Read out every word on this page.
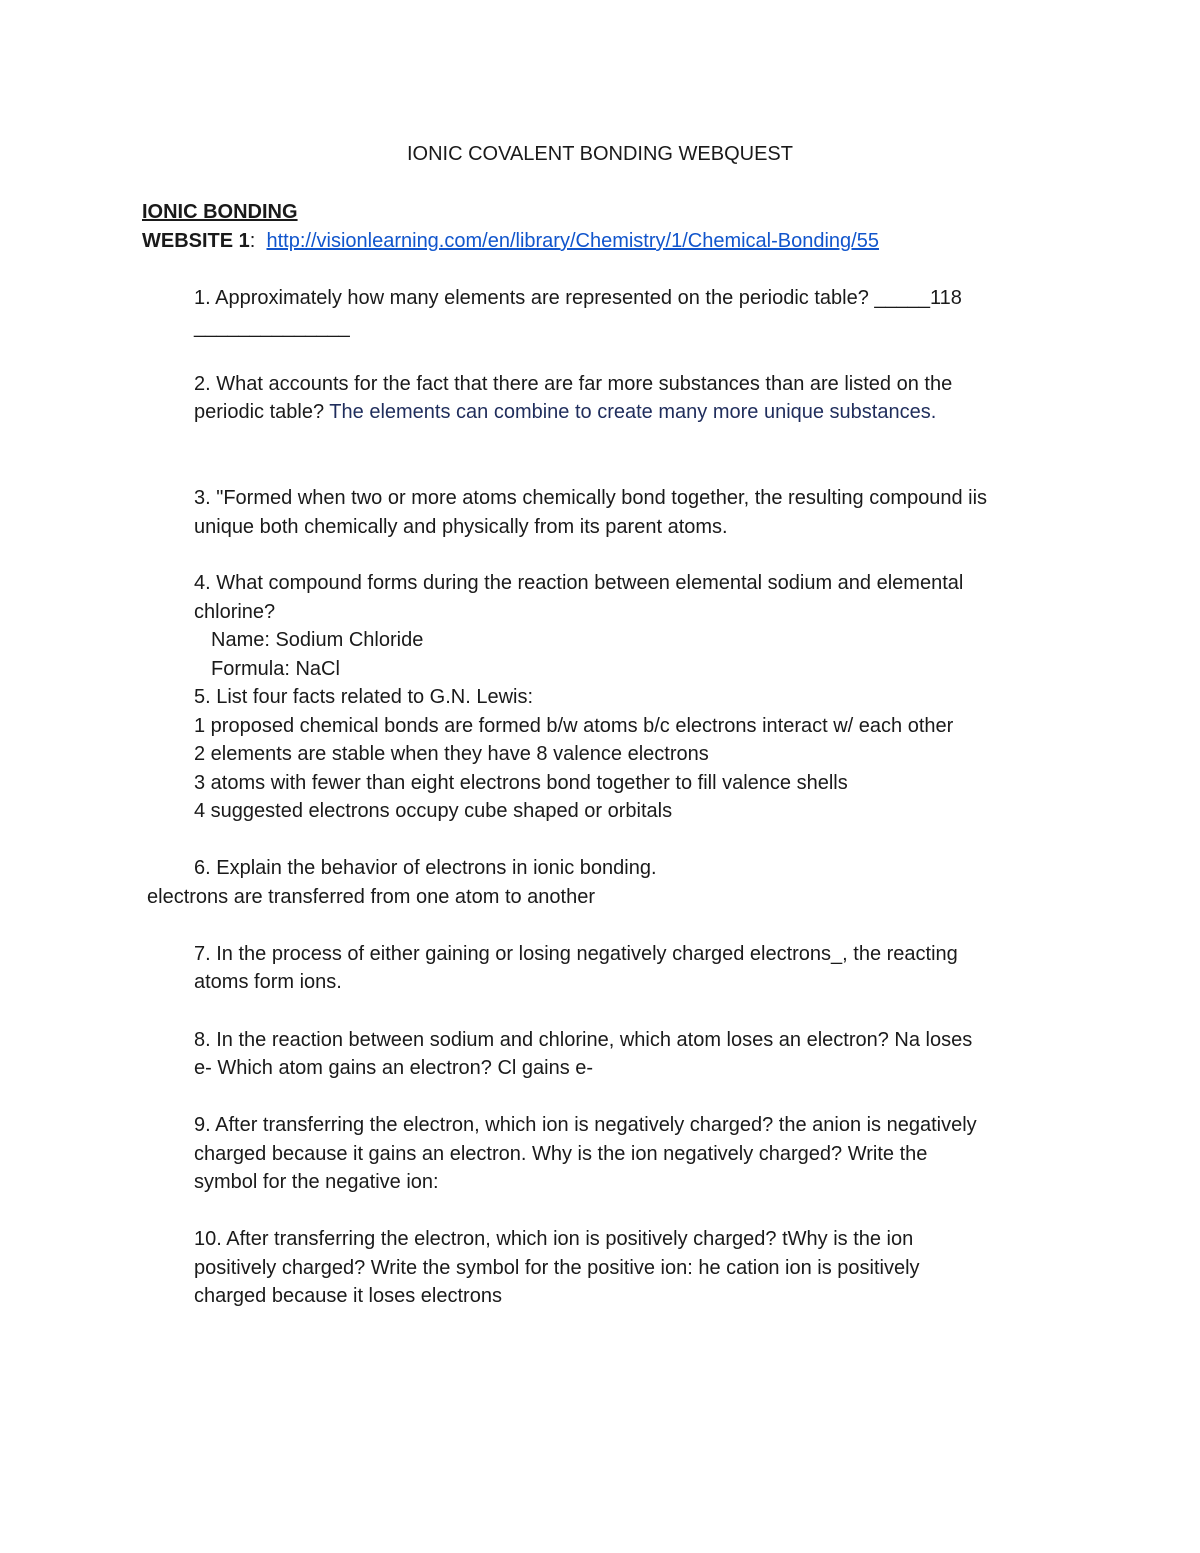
IONIC COVALENT BONDING WEBQUEST
IONIC BONDING
WEBSITE 1: http://visionlearning.com/en/library/Chemistry/1/Chemical-Bonding/55
1. Approximately how many elements are represented on the periodic table? _____118
______________
2. What accounts for the fact that there are far more substances than are listed on the
periodic table? The elements can combine to create many more unique substances.
3. "Formed when two or more atoms chemically bond together, the resulting compound iis
unique both chemically and physically from its parent atoms.
4. What compound forms during the reaction between elemental sodium and elemental
chlorine?
Name: Sodium Chloride
Formula: NaCl
5. List four facts related to G.N. Lewis:
1 proposed chemical bonds are formed b/w atoms b/c electrons interact w/ each other
2 elements are stable when they have 8 valence electrons
3 atoms with fewer than eight electrons bond together to fill valence shells
4 suggested electrons occupy cube shaped or orbitals
6. Explain the behavior of electrons in ionic bonding.
electrons are transferred from one atom to another
7. In the process of either gaining or losing negatively charged electrons_, the reacting
atoms form ions.
8. In the reaction between sodium and chlorine, which atom loses an electron? Na loses
e- Which atom gains an electron? Cl gains e-
9. After transferring the electron, which ion is negatively charged? the anion is negatively
charged because it gains an electron. Why is the ion negatively charged? Write the
symbol for the negative ion:
10. After transferring the electron, which ion is positively charged? tWhy is the ion
positively charged? Write the symbol for the positive ion: he cation ion is positively
charged because it loses electrons
